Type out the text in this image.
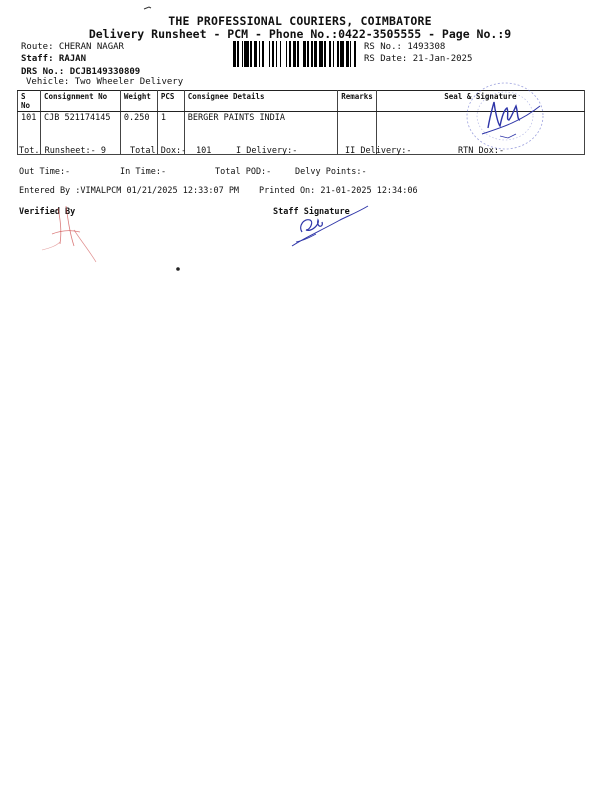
THE PROFESSIONAL COURIERS, COIMBATORE
Delivery Runsheet - PCM - Phone No.:0422-3505555 - Page No.:9
Route: CHERAN NAGAR
Staff: RAJAN
DRS No.: DCJB149330809
Vehicle: Two Wheeler Delivery
RS No.: 1493308
RS Date: 21-Jan-2025
S No	Consignment No	Weight	PCS	Consignee Details	Remarks	Seal & Signature
101	CJB 521174145	0.250	1	BERGER PAINTS INDIA		
Tot. Runsheet:- 9	Total Dox:- 101	I Delivery:-	II Delivery:-	RTN Dox:-
Out Time:-	In Time:-	Total POD:-	Delvy Points:-
Entered By :VIMALPCM 01/21/2025 12:33:07 PM Printed On: 21-01-2025 12:34:06
Verified By	Staff Signature
